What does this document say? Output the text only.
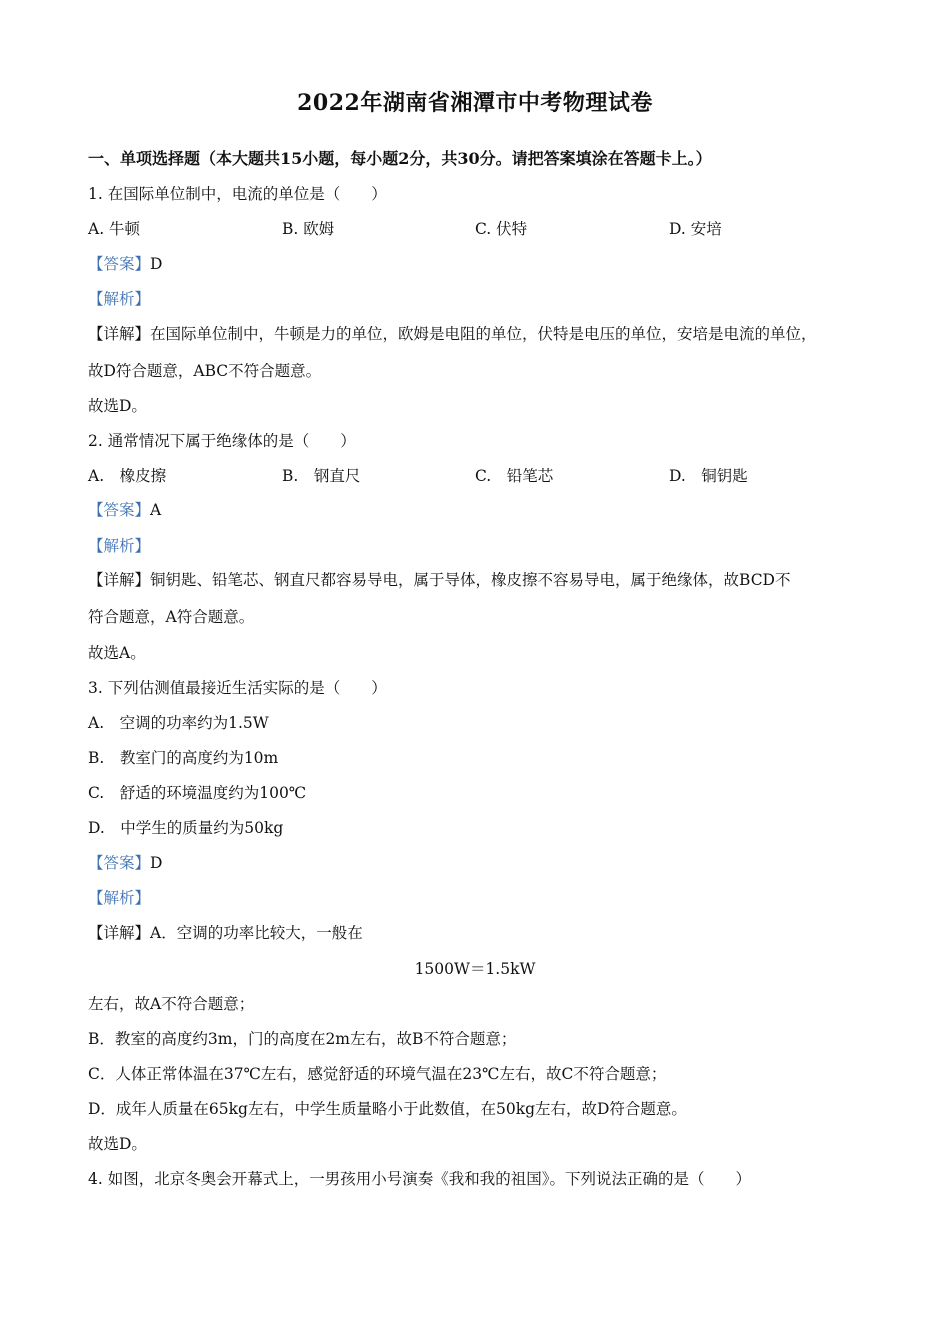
2022年湖南省湘潭市中考物理试卷
一、单项选择题（本大题共15小题，每小题2分，共30分。请把答案填涂在答题卡上。）
1. 在国际单位制中，电流的单位是（　　）
A. 牛顿	B. 欧姆	C. 伏特	D. 安培
【答案】D
【解析】
【详解】在国际单位制中，牛顿是力的单位，欧姆是电阻的单位，伏特是电压的单位，安培是电流的单位，
故D符合题意，ABC不符合题意。
故选D。
2. 通常情况下属于绝缘体的是（　　）
A.　橡皮擦	B.　钢直尺	C.　铅笔芯	D.　铜钥匙
【答案】A
【解析】
【详解】铜钥匙、铅笔芯、钢直尺都容易导电，属于导体，橡皮擦不容易导电，属于绝缘体，故BCD不
符合题意，A符合题意。
故选A。
3. 下列估测值最接近生活实际的是（　　）
A.　空调的功率约为1.5W
B.　教室门的高度约为10m
C.　舒适的环境温度约为100℃
D.　中学生的质量约为50kg
【答案】D
【解析】
【详解】A．空调的功率比较大，一般在
1500W＝1.5kW
左右，故A不符合题意；
B．教室的高度约3m，门的高度在2m左右，故B不符合题意；
C．人体正常体温在37℃左右，感觉舒适的环境气温在23℃左右，故C不符合题意；
D．成年人质量在65kg左右，中学生质量略小于此数值，在50kg左右，故D符合题意。
故选D。
4. 如图，北京冬奥会开幕式上，一男孩用小号演奏《我和我的祖国》。下列说法正确的是（　　）
